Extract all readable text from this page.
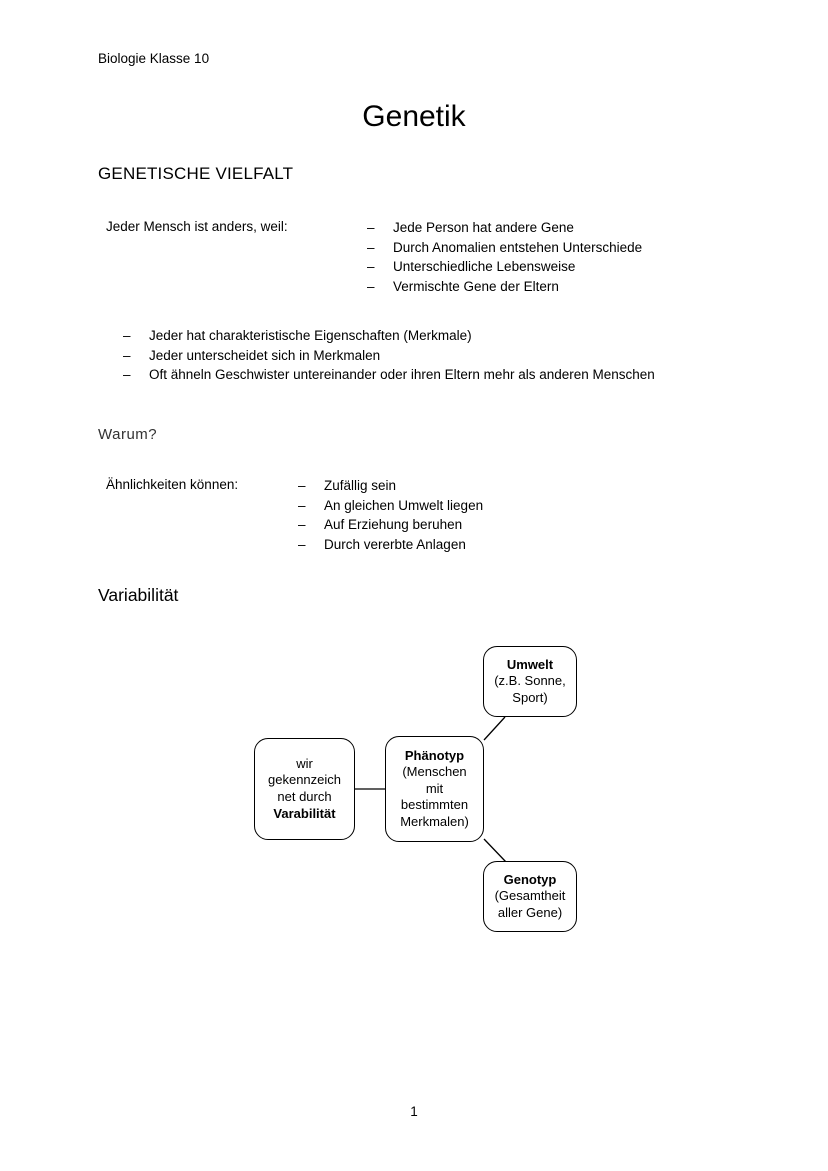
Biologie Klasse 10
Genetik
GENETISCHE VIELFALT
Jeder Mensch ist anders, weil:	– Jede Person hat andere Gene
– Durch Anomalien entstehen Unterschiede
– Unterschiedliche Lebensweise
– Vermischte Gene der Eltern
– Jeder hat charakteristische Eigenschaften (Merkmale)
– Jeder unterscheidet sich in Merkmalen
– Oft ähneln Geschwister untereinander oder ihren Eltern mehr als anderen Menschen
Warum?
Ähnlichkeiten können:	– Zufällig sein
– An gleichen Umwelt liegen
– Auf Erziehung beruhen
– Durch vererbte Anlagen
Variabilität
Umwelt
(z.B. Sonne,
Sport)
wir
gekennzeich
net durch
Varabilität
Phänotyp
(Menschen
mit
bestimmten
Merkmalen)
Genotyp
(Gesamtheit
aller Gene)
1
